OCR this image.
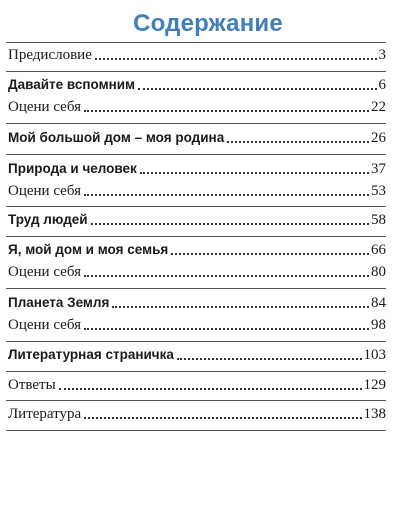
Содержание
Предисловие	3
Давайте вспомним	6
Оцени себя	22
Мой большой дом – моя родина	26
Природа и человек	37
Оцени себя	53
Труд людей	58
Я, мой дом и моя семья	66
Оцени себя	80
Планета Земля	84
Оцени себя	98
Литературная страничка	103
Ответы	129
Литература	138
